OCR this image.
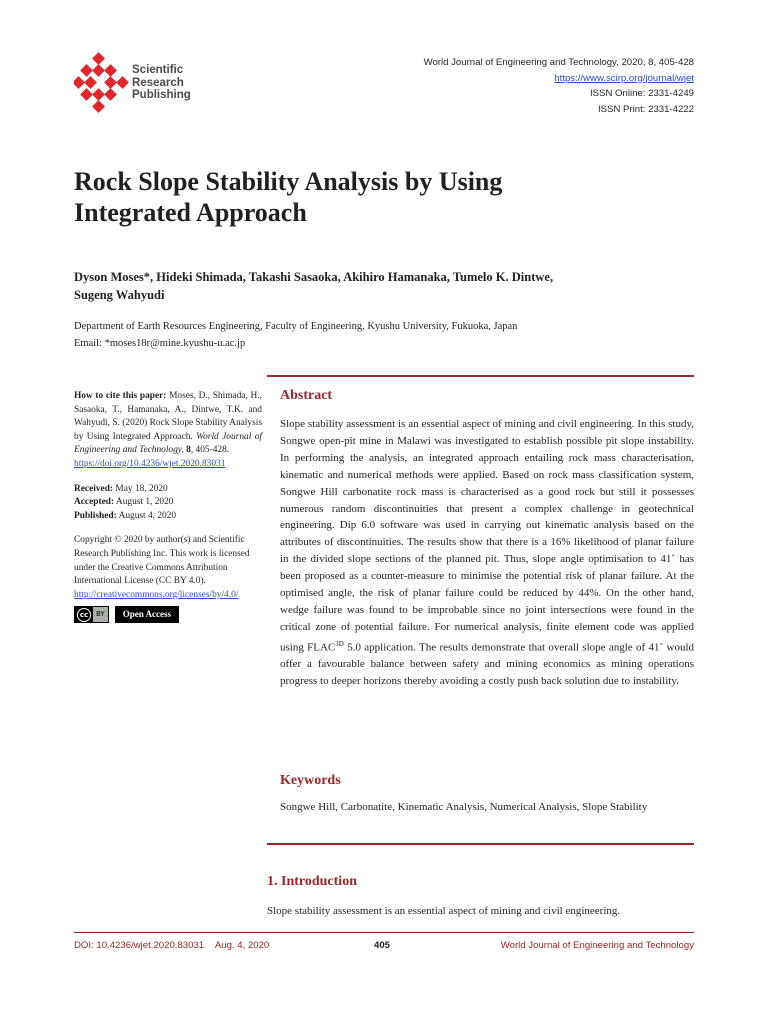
Scientific
Research
Publishing
World Journal of Engineering and Technology, 2020, 8, 405-428
https://www.scirp.org/journal/wjet
ISSN Online: 2331-4249
ISSN Print: 2331-4222
Rock Slope Stability Analysis by Using
Integrated Approach
Dyson Moses*, Hideki Shimada, Takashi Sasaoka, Akihiro Hamanaka, Tumelo K. Dintwe,
Sugeng Wahyudi
Department of Earth Resources Engineering, Faculty of Engineering, Kyushu University, Fukuoka, Japan
Email: *moses18r@mine.kyushu-u.ac.jp

How to cite this paper: Moses, D., Shimada, H., Sasaoka, T., Hamanaka, A., Dintwe, T.K. and Wahyudi, S. (2020) Rock Slope Stability Analysis by Using Integrated Approach. World Journal of Engineering and Technology, 8, 405-428.
https://doi.org/10.4236/wjet.2020.83031

Received: May 18, 2020

Accepted: August 1, 2020

Published: August 4, 2020

Copyright © 2020 by author(s) and Scientific Research Publishing Inc. This work is licensed under the Creative Commons Attribution International License (CC BY 4.0).

http://creativecommons.org/licenses/by/4.0/

cc	BY	Open Access
Abstract
Slope stability assessment is an essential aspect of mining and civil engineering. In this study, Songwe open-pit mine in Malawi was investigated to establish possible pit slope instability. In performing the analysis, an integrated approach entailing rock mass characterisation, kinematic and numerical methods were applied. Based on rock mass classification system, Songwe Hill carbonatite rock mass is characterised as a good rock but still it possesses numerous random discontinuities that present a complex challenge in geotechnical engineering. Dip 6.0 software was used in carrying out kinematic analysis based on the attributes of discontinuities. The results show that there is a 16% likelihood of planar failure in the divided slope sections of the planned pit. Thus, slope angle optimisation to 41˚ has been proposed as a counter-measure to minimise the potential risk of planar failure. At the optimised angle, the risk of planar failure could be reduced by 44%. On the other hand, wedge failure was found to be improbable since no joint intersections were found in the critical zone of potential failure. For numerical analysis, finite element code was applied using $FLAC^{3D}$ 5.0 application. The results demonstrate that overall slope angle of 41˚ would offer a favourable balance between safety and mining economics as mining operations progress to deeper horizons thereby avoiding a costly push back solution due to instability.
Keywords
Songwe Hill, Carbonatite, Kinematic Analysis, Numerical Analysis, Slope Stability
1. Introduction
Slope stability assessment is an essential aspect of mining and civil engineering.
DOI: 10.4236/wjet.2020.83031 Aug. 4, 2020	World Journal of Engineering and Technology
405
